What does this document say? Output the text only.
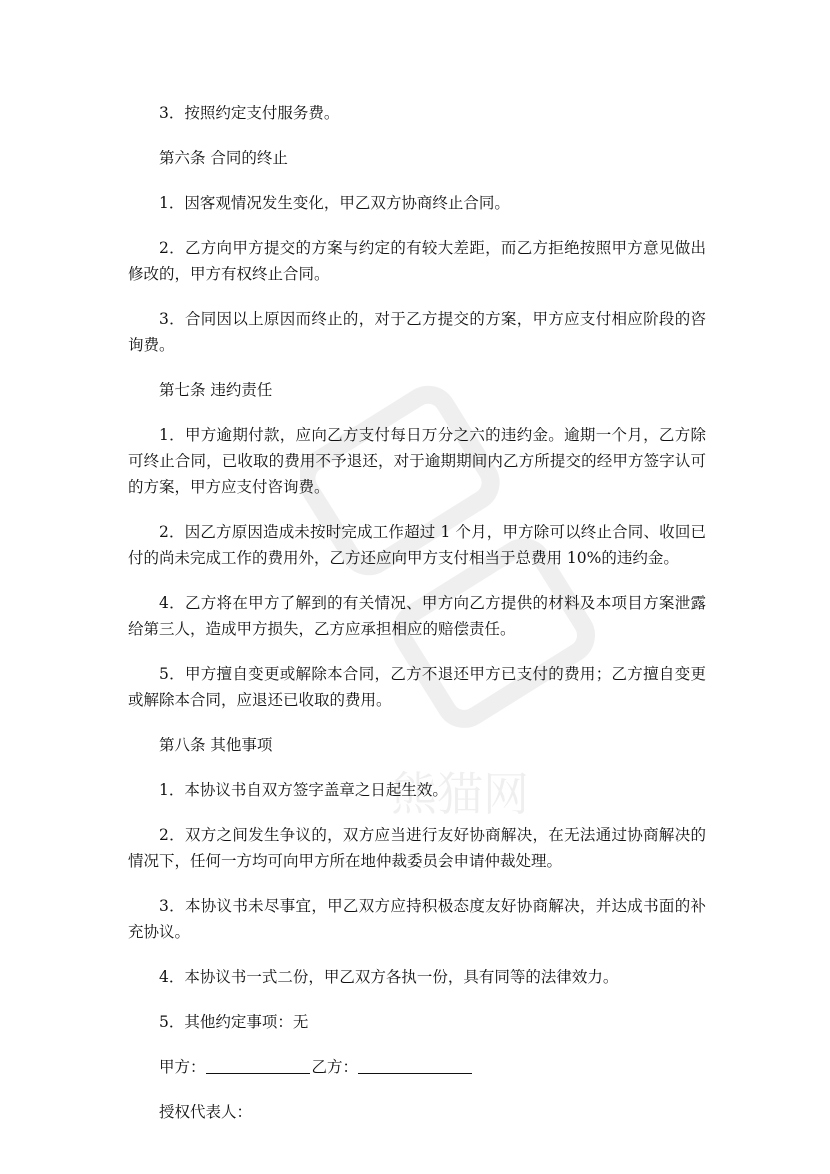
熊猫网

3．按照约定支付服务费。

第六条 合同的终止

1．因客观情况发生变化，甲乙双方协商终止合同。

2．乙方向甲方提交的方案与约定的有较大差距，而乙方拒绝按照甲方意见做出修改的，甲方有权终止合同。

3．合同因以上原因而终止的，对于乙方提交的方案，甲方应支付相应阶段的咨询费。

第七条 违约责任

1．甲方逾期付款，应向乙方支付每日万分之六的违约金。逾期一个月，乙方除可终止合同，已收取的费用不予退还，对于逾期期间内乙方所提交的经甲方签字认可的方案，甲方应支付咨询费。

2．因乙方原因造成未按时完成工作超过 1 个月，甲方除可以终止合同、收回已付的尚未完成工作的费用外，乙方还应向甲方支付相当于总费用 10%的违约金。

4．乙方将在甲方了解到的有关情况、甲方向乙方提供的材料及本项目方案泄露给第三人，造成甲方损失，乙方应承担相应的赔偿责任。

5．甲方擅自变更或解除本合同，乙方不退还甲方已支付的费用；乙方擅自变更或解除本合同，应退还已收取的费用。

第八条 其他事项

1．本协议书自双方签字盖章之日起生效。

2．双方之间发生争议的，双方应当进行友好协商解决，在无法通过协商解决的情况下，任何一方均可向甲方所在地仲裁委员会申请仲裁处理。

3．本协议书未尽事宜，甲乙双方应持积极态度友好协商解决，并达成书面的补充协议。

4．本协议书一式二份，甲乙双方各执一份，具有同等的法律效力。

5．其他约定事项：无

甲方：	乙方：

授权代表人：
